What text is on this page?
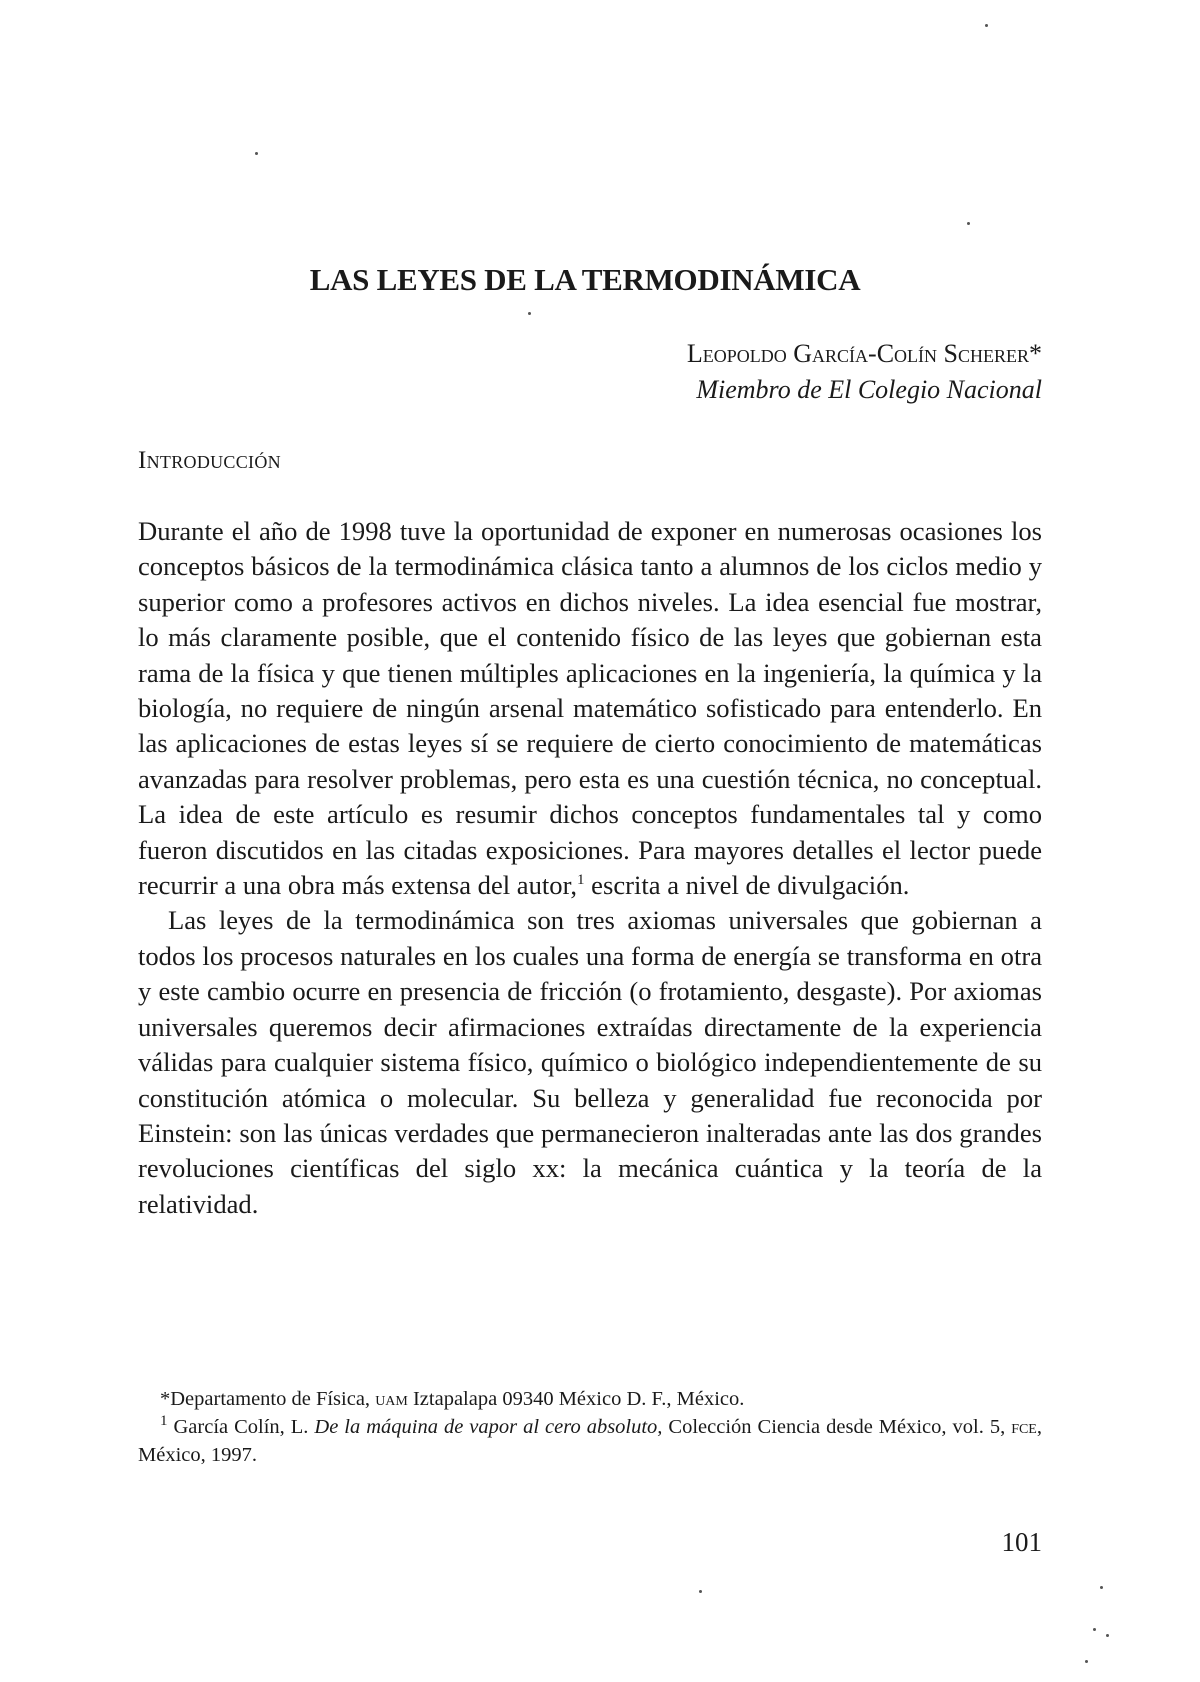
LAS LEYES DE LA TERMODINÁMICA
Leopoldo García-Colín Scherer*
Miembro de El Colegio Nacional
Introducción

Durante el año de 1998 tuve la oportunidad de exponer en numerosas ocasiones los conceptos básicos de la termodinámica clásica tanto a alumnos de los ciclos medio y superior como a profesores activos en dichos niveles. La idea esencial fue mostrar, lo más claramente posible, que el contenido físico de las leyes que gobiernan esta rama de la física y que tienen múltiples aplicaciones en la ingeniería, la química y la biología, no requiere de ningún arsenal matemático sofisticado para entenderlo. En las aplicaciones de estas leyes sí se requiere de cierto conocimiento de matemáticas avanzadas para resolver problemas, pero esta es una cuestión técnica, no conceptual. La idea de este artículo es resumir dichos conceptos fundamentales tal y como fueron discutidos en las citadas exposiciones. Para mayores detalles el lector puede recurrir a una obra más extensa del autor,$^1$ escrita a nivel de divulgación.

Las leyes de la termodinámica son tres axiomas universales que gobiernan a todos los procesos naturales en los cuales una forma de energía se transforma en otra y este cambio ocurre en presencia de fricción (o frotamiento, desgaste). Por axiomas universales queremos decir afirmaciones extraídas directamente de la experiencia válidas para cualquier sistema físico, químico o biológico independientemente de su constitución atómica o molecular. Su belleza y generalidad fue reconocida por Einstein: son las únicas verdades que permanecieron inalteradas ante las dos grandes revoluciones científicas del siglo xx: la mecánica cuántica y la teoría de la relatividad.

*Departamento de Física, uam Iztapalapa 09340 México D. F., México.

$^1$ García Colín, L. De la máquina de vapor al cero absoluto, Colección Ciencia desde México, vol. 5, fce, México, 1997.

101
